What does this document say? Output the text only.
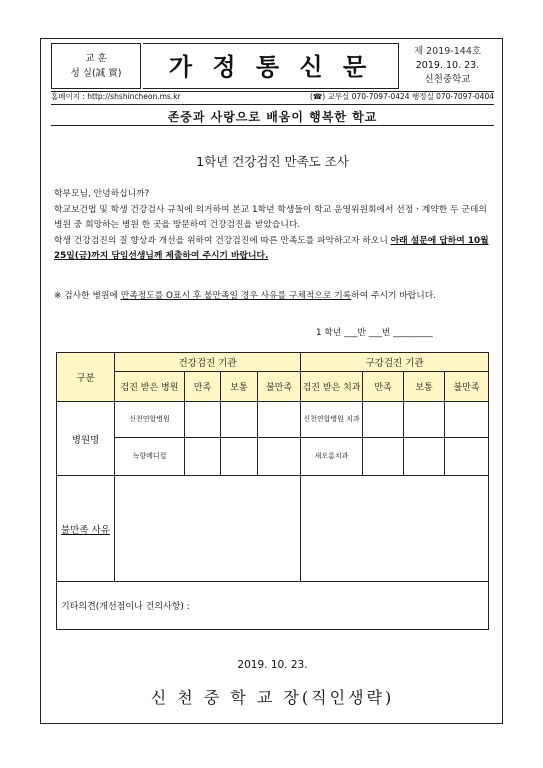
교 훈
성 실(誠 實)	가 정 통 신 문
제 2019-144호
2019. 10. 23.
신천중학교
홈페이지 : http://shshincheon.ms.kr	(☎) 교무실 070-7097-0424 행정실 070-7097-0404
존중과 사랑으로 배움이 행복한 학교
1학년 건강검진 만족도 조사

학부모님, 안녕하십니까?

학교보건법 및 학생 건강검사 규칙에 의거하여 본교 1학년 학생들이 학교 운영위원회에서 선정ㆍ계약한 두 군데의 병원 중 희망하는 병원 한 곳을 방문하여 건강검진을 받았습니다.

학생 건강검진의 질 향상과 개선을 위하여 건강검진에 따른 만족도를 파악하고자 하오니 아래 설문에 답하여 10월 25일(금)까지 담임선생님께 제출하여 주시기 바랍니다.

※ 검사한 병원에 만족정도를 O표시 후 불만족일 경우 사유를 구체적으로 기록하여 주시기 바랍니다.
1 학년 ___반 ___번 _________
구분	건강검진 기관				구강검진 기관			
	검진 받은 병원	만족	보통	불만족	검진 받은 치과	만족	보통	불만족
병원명	신천연합병원				신천연합병원 치과			
	녹향메디컬				새오름치과			
불만족 사유								
기타의견(개선점이나 건의사항) :								
2019. 10. 23.
신 천 중 학 교 장(직인생략)
